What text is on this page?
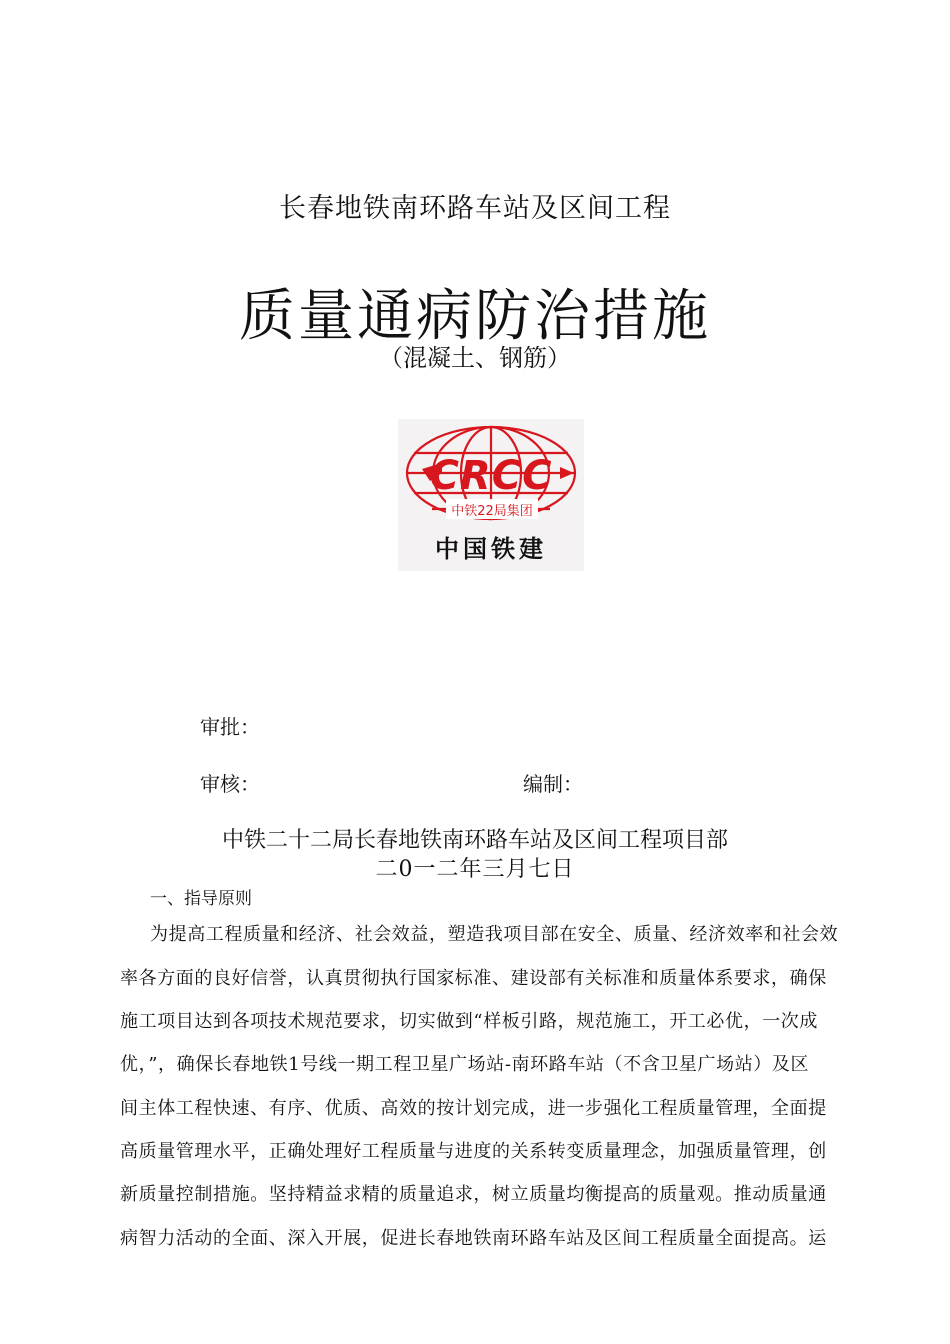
长春地铁南环路车站及区间工程
质量通病防治措施
（混凝土、钢筋）
CRCC
中铁22局集团
中国铁建
审批：
审核：	编制：
中铁二十二局长春地铁南环路车站及区间工程项目部
二0一二年三月七日
一、指导原则
为提高工程质量和经济、社会效益，塑造我项目部在安全、质量、经济效率和社会效
率各方面的良好信誉，认真贯彻执行国家标准、建设部有关标准和质量体系要求，确保
施工项目达到各项技术规范要求，切实做到“样板引路，规范施工，开工必优，一次成
优，”，确保长春地铁1号线一期工程卫星广场站-南环路车站（不含卫星广场站）及区
间主体工程快速、有序、优质、高效的按计划完成，进一步强化工程质量管理，全面提
高质量管理水平，正确处理好工程质量与进度的关系转变质量理念，加强质量管理，创
新质量控制措施。坚持精益求精的质量追求，树立质量均衡提高的质量观。推动质量通
病智力活动的全面、深入开展，促进长春地铁南环路车站及区间工程质量全面提高。运
